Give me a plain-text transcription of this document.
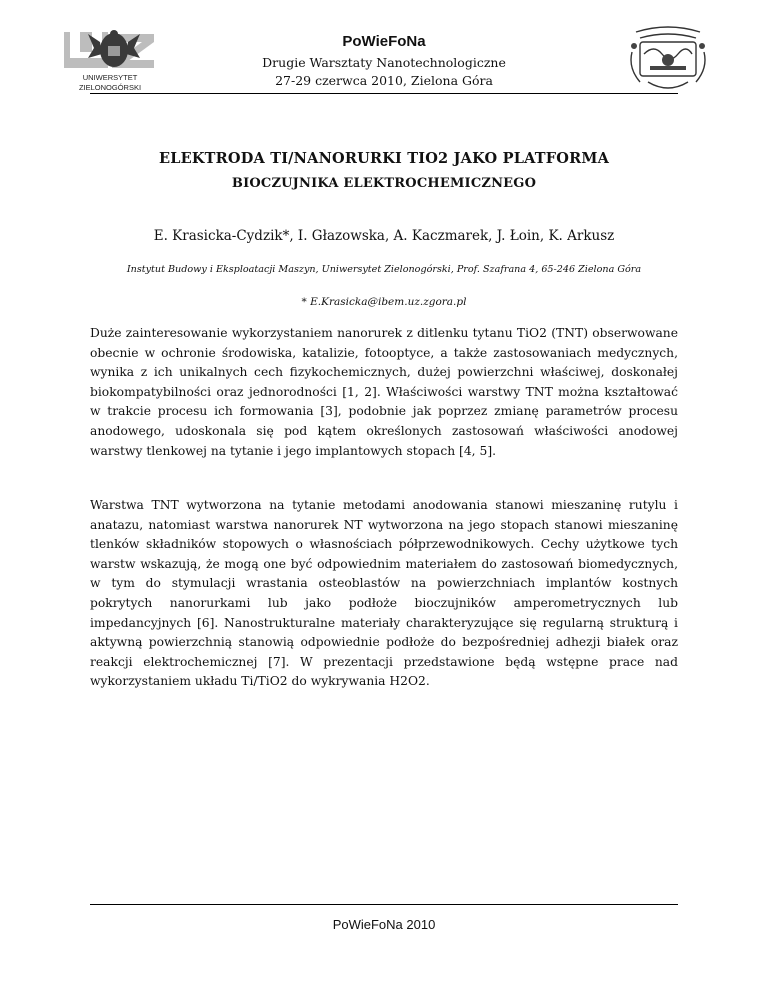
UNIWERSYTET
ZIELONOGÓRSKI
PoWieFoNa
Drugie Warsztaty Nanotechnologiczne
27-29 czerwca 2010, Zielona Góra
ELEKTRODA TI/NANORURKI TIO2 JAKO PLATFORMA
BIOCZUJNIKA ELEKTROCHEMICZNEGO
E. Krasicka-Cydzik*, I. Głazowska, A. Kaczmarek, J. Łoin, K. Arkusz
Instytut Budowy i Eksploatacji Maszyn, Uniwersytet Zielonogórski, Prof. Szafrana 4, 65-246 Zielona Góra
* E.Krasicka@ibem.uz.zgora.pl

Duże zainteresowanie wykorzystaniem nanorurek z ditlenku tytanu TiO2 (TNT) obserwowane obecnie w ochronie środowiska, katalizie, fotooptyce, a także zastosowaniach medycznych, wynika z ich unikalnych cech fizykochemicznych, dużej powierzchni właściwej, doskonałej biokompatybilności oraz jednorodności [1, 2]. Właściwości warstwy TNT można kształtować w trakcie procesu ich formowania [3], podobnie jak poprzez zmianę parametrów procesu anodowego, udoskonala się pod kątem określonych zastosowań właściwości anodowej warstwy tlenkowej na tytanie i jego implantowych stopach [4, 5].

Warstwa TNT wytworzona na tytanie metodami anodowania stanowi mieszaninę rutylu i anatazu, natomiast warstwa nanorurek NT wytworzona na jego stopach stanowi mieszaninę tlenków składników stopowych o własnościach półprzewodnikowych. Cechy użytkowe tych warstw wskazują, że mogą one być odpowiednim materiałem do zastosowań biomedycznych, w tym do stymulacji wrastania osteoblastów na powierzchniach implantów kostnych pokrytych nanorurkami lub jako podłoże bioczujników amperometrycznych lub impedancyjnych [6]. Nanostrukturalne materiały charakteryzujące się regularną strukturą i aktywną powierzchnią stanowią odpowiednie podłoże do bezpośredniej adhezji białek oraz reakcji elektrochemicznej [7]. W prezentacji przedstawione będą wstępne prace nad wykorzystaniem układu Ti/TiO2 do wykrywania H2O2.

PoWieFoNa 2010
